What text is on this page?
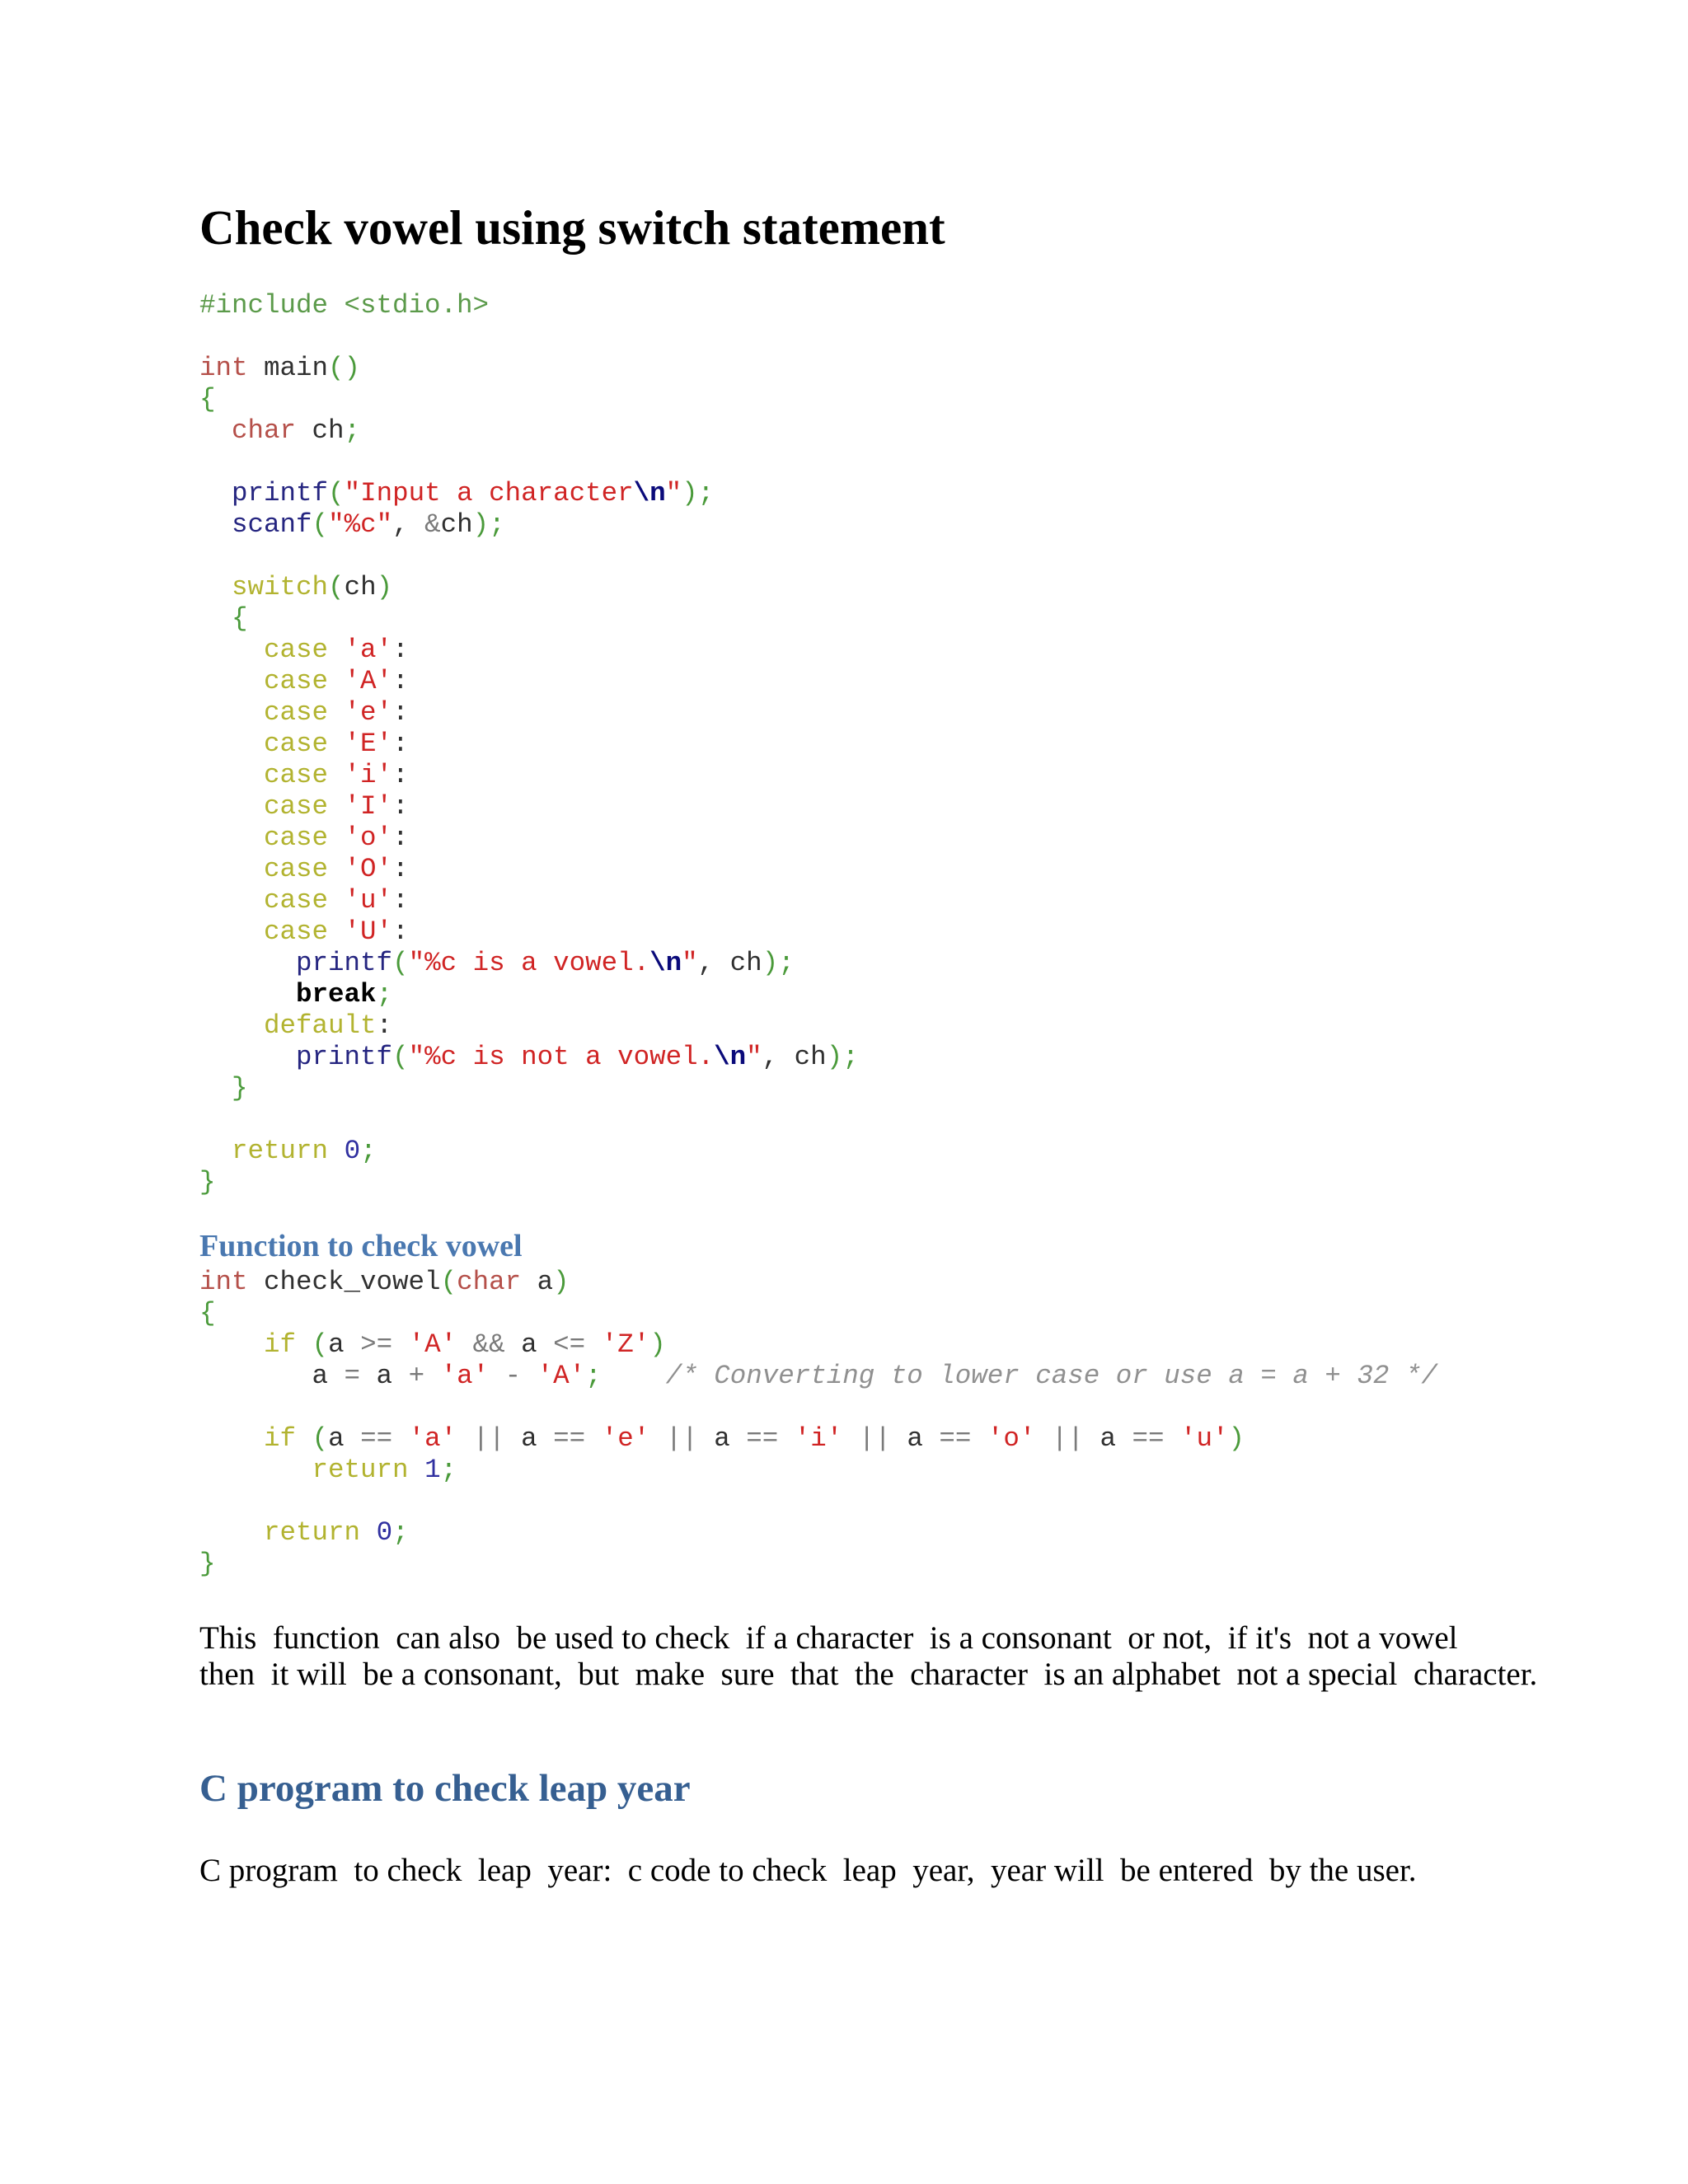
Check vowel using switch statement
#include <stdio.h>
int main()
{
char ch;
printf("Input a character\n");
scanf("%c", &ch);
switch(ch)
{
case 'a':
case 'A':
case 'e':
case 'E':
case 'i':
case 'I':
case 'o':
case 'O':
case 'u':
case 'U':
printf("%c is a vowel.\n", ch);
break;
default:
printf("%c is not a vowel.\n", ch);
}
return 0;
}
Function to check vowel
int check_vowel(char a)
{
if (a >= 'A' && a <= 'Z')
a = a + 'a' - 'A'; /* Converting to lower case or use a = a + 32 */
if (a == 'a' || a == 'e' || a == 'i' || a == 'o' || a == 'u')
return 1;
return 0;
}

This  function  can also  be used to check  if a character  is a consonant  or not,  if it's  not a vowel
then  it will  be a consonant,  but  make  sure  that  the  character  is an alphabet  not a special  character.

C program to check leap year

C program  to check  leap  year:  c code to check  leap  year,  year will  be entered  by the user.
